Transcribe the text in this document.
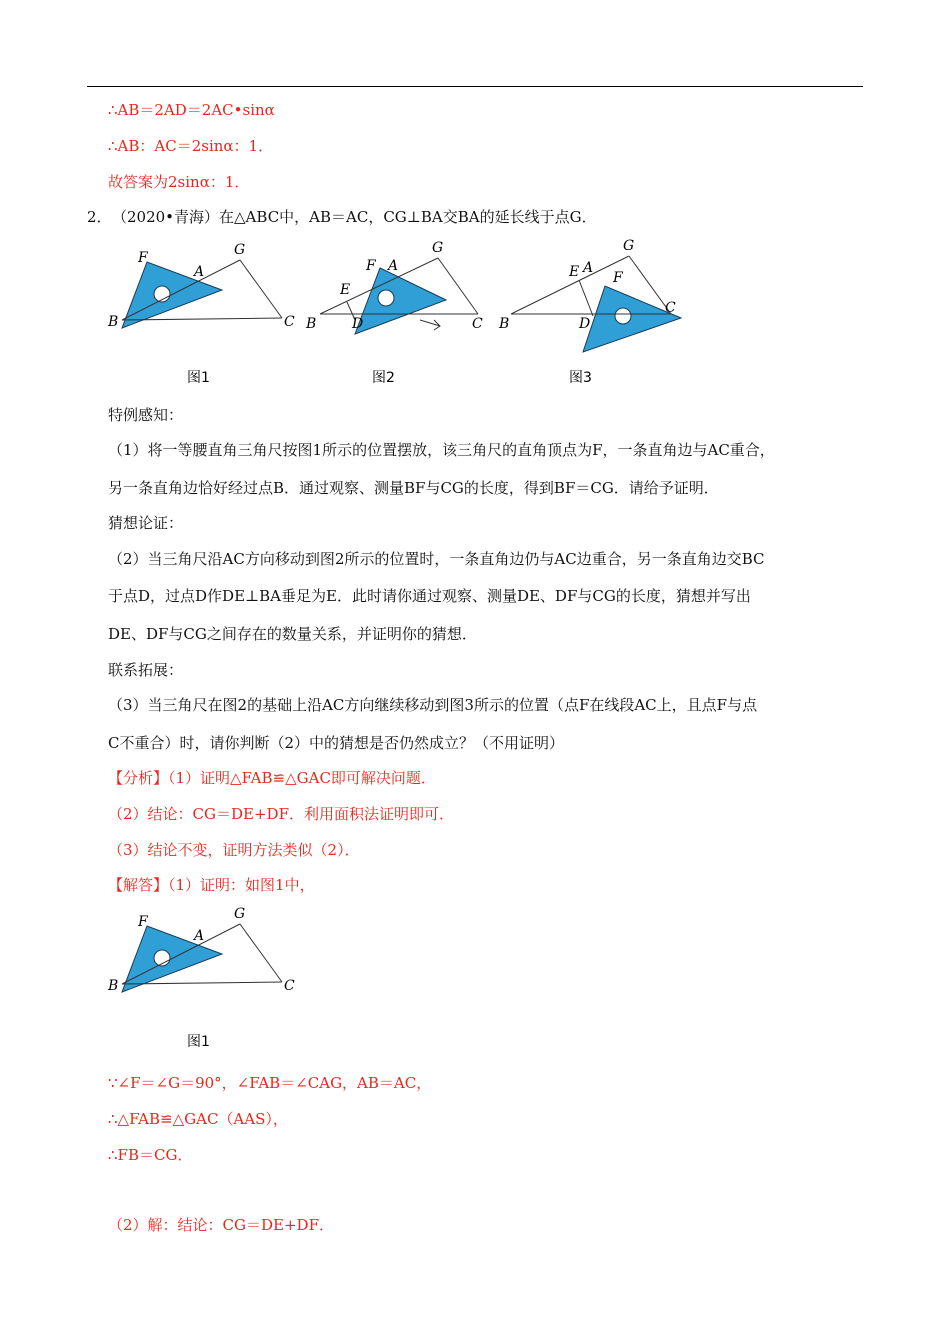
∴AB＝2AD＝2AC•sinα
∴AB：AC＝2sinα：1．
故答案为2sinα：1．
2． （2020•青海）在△ABC中，AB＝AC，CG⊥BA交BA的延长线于点G．
B	C
A
F	G
图1
B	C
A
F
G
E
D
图2
B
C
A
F
G
E
D
图3
特例感知：
（1）将一等腰直角三角尺按图1所示的位置摆放，该三角尺的直角顶点为F，一条直角边与AC重合，
另一条直角边恰好经过点B．通过观察、测量BF与CG的长度，得到BF＝CG．请给予证明．
猜想论证：
（2）当三角尺沿AC方向移动到图2所示的位置时，一条直角边仍与AC边重合，另一条直角边交BC
于点D，过点D作DE⊥BA垂足为E．此时请你通过观察、测量DE、DF与CG的长度，猜想并写出
DE、DF与CG之间存在的数量关系，并证明你的猜想．
联系拓展：
（3）当三角尺在图2的基础上沿AC方向继续移动到图3所示的位置（点F在线段AC上，且点F与点
C不重合）时，请你判断（2）中的猜想是否仍然成立？（不用证明）
【分析】（1）证明△FAB≌△GAC即可解决问题．
（2）结论：CG＝DE+DF．利用面积法证明即可．
（3）结论不变，证明方法类似（2）．
【解答】（1）证明：如图1中，
B	C
A
F	G
图1
∵∠F＝∠G＝90°，∠FAB＝∠CAG，AB＝AC，
∴△FAB≌△GAC（AAS），
∴FB＝CG．
（2）解：结论：CG＝DE+DF．
